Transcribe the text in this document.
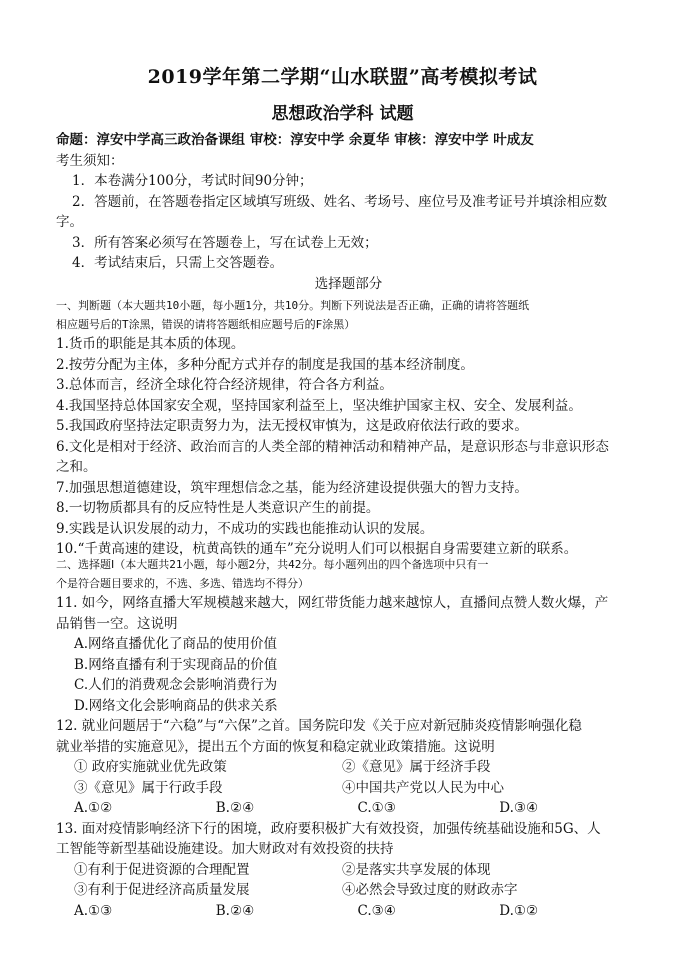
2019学年第二学期“山水联盟”高考模拟考试
思想政治学科 试题
命题：淳安中学高三政治备课组 审校：淳安中学 余夏华 审核：淳安中学 叶成友
考生须知：
1．本卷满分100分，考试时间90分钟；
2．答题前，在答题卷指定区域填写班级、姓名、考场号、座位号及准考证号并填涂相应数
字。
3．所有答案必须写在答题卷上，写在试卷上无效；
4．考试结束后，只需上交答题卷。
选择题部分
一、判断题（本大题共10小题，每小题1分，共10分。判断下列说法是否正确，正确的请将答题纸
相应题号后的T涂黑，错误的请将答题纸相应题号后的F涂黑）
1.货币的职能是其本质的体现。
2.按劳分配为主体，多种分配方式并存的制度是我国的基本经济制度。
3.总体而言，经济全球化符合经济规律，符合各方利益。
4.我国坚持总体国家安全观，坚持国家利益至上，坚决维护国家主权、安全、发展利益。
5.我国政府坚持法定职责努力为，法无授权审慎为，这是政府依法行政的要求。
6.文化是相对于经济、政治而言的人类全部的精神活动和精神产品，是意识形态与非意识形态
之和。
7.加强思想道德建设，筑牢理想信念之基，能为经济建设提供强大的智力支持。
8.一切物质都具有的反应特性是人类意识产生的前提。
9.实践是认识发展的动力，不成功的实践也能推动认识的发展。
10.“千黄高速的建设，杭黄高铁的通车”充分说明人们可以根据自身需要建立新的联系。
二、选择题Ⅰ（本大题共21小题，每小题2分，共42分。每小题列出的四个备选项中只有一
个是符合题目要求的，不选、多选、错选均不得分）
11. 如今，网络直播大军规模越来越大，网红带货能力越来越惊人，直播间点赞人数火爆，产
品销售一空。这说明
A.网络直播优化了商品的使用价值
B.网络直播有利于实现商品的价值
C.人们的消费观念会影响消费行为
D.网络文化会影响商品的供求关系
12. 就业问题居于“六稳”与“六保”之首。国务院印发《关于应对新冠肺炎疫情影响强化稳
就业举措的实施意见》，提出五个方面的恢复和稳定就业政策措施。这说明
① 政府实施就业优先政策	②《意见》属于经济手段
③《意见》属于行政手段	④中国共产党以人民为中心
A.①②	B.②④	C.①③	D.③④
13. 面对疫情影响经济下行的困境，政府要积极扩大有效投资，加强传统基础设施和5G、人
工智能等新型基础设施建设。加大财政对有效投资的扶持
①有利于促进资源的合理配置	②是落实共享发展的体现
③有利于促进经济高质量发展	④必然会导致过度的财政赤字
A.①③	B.②④	C.③④	D.①②
